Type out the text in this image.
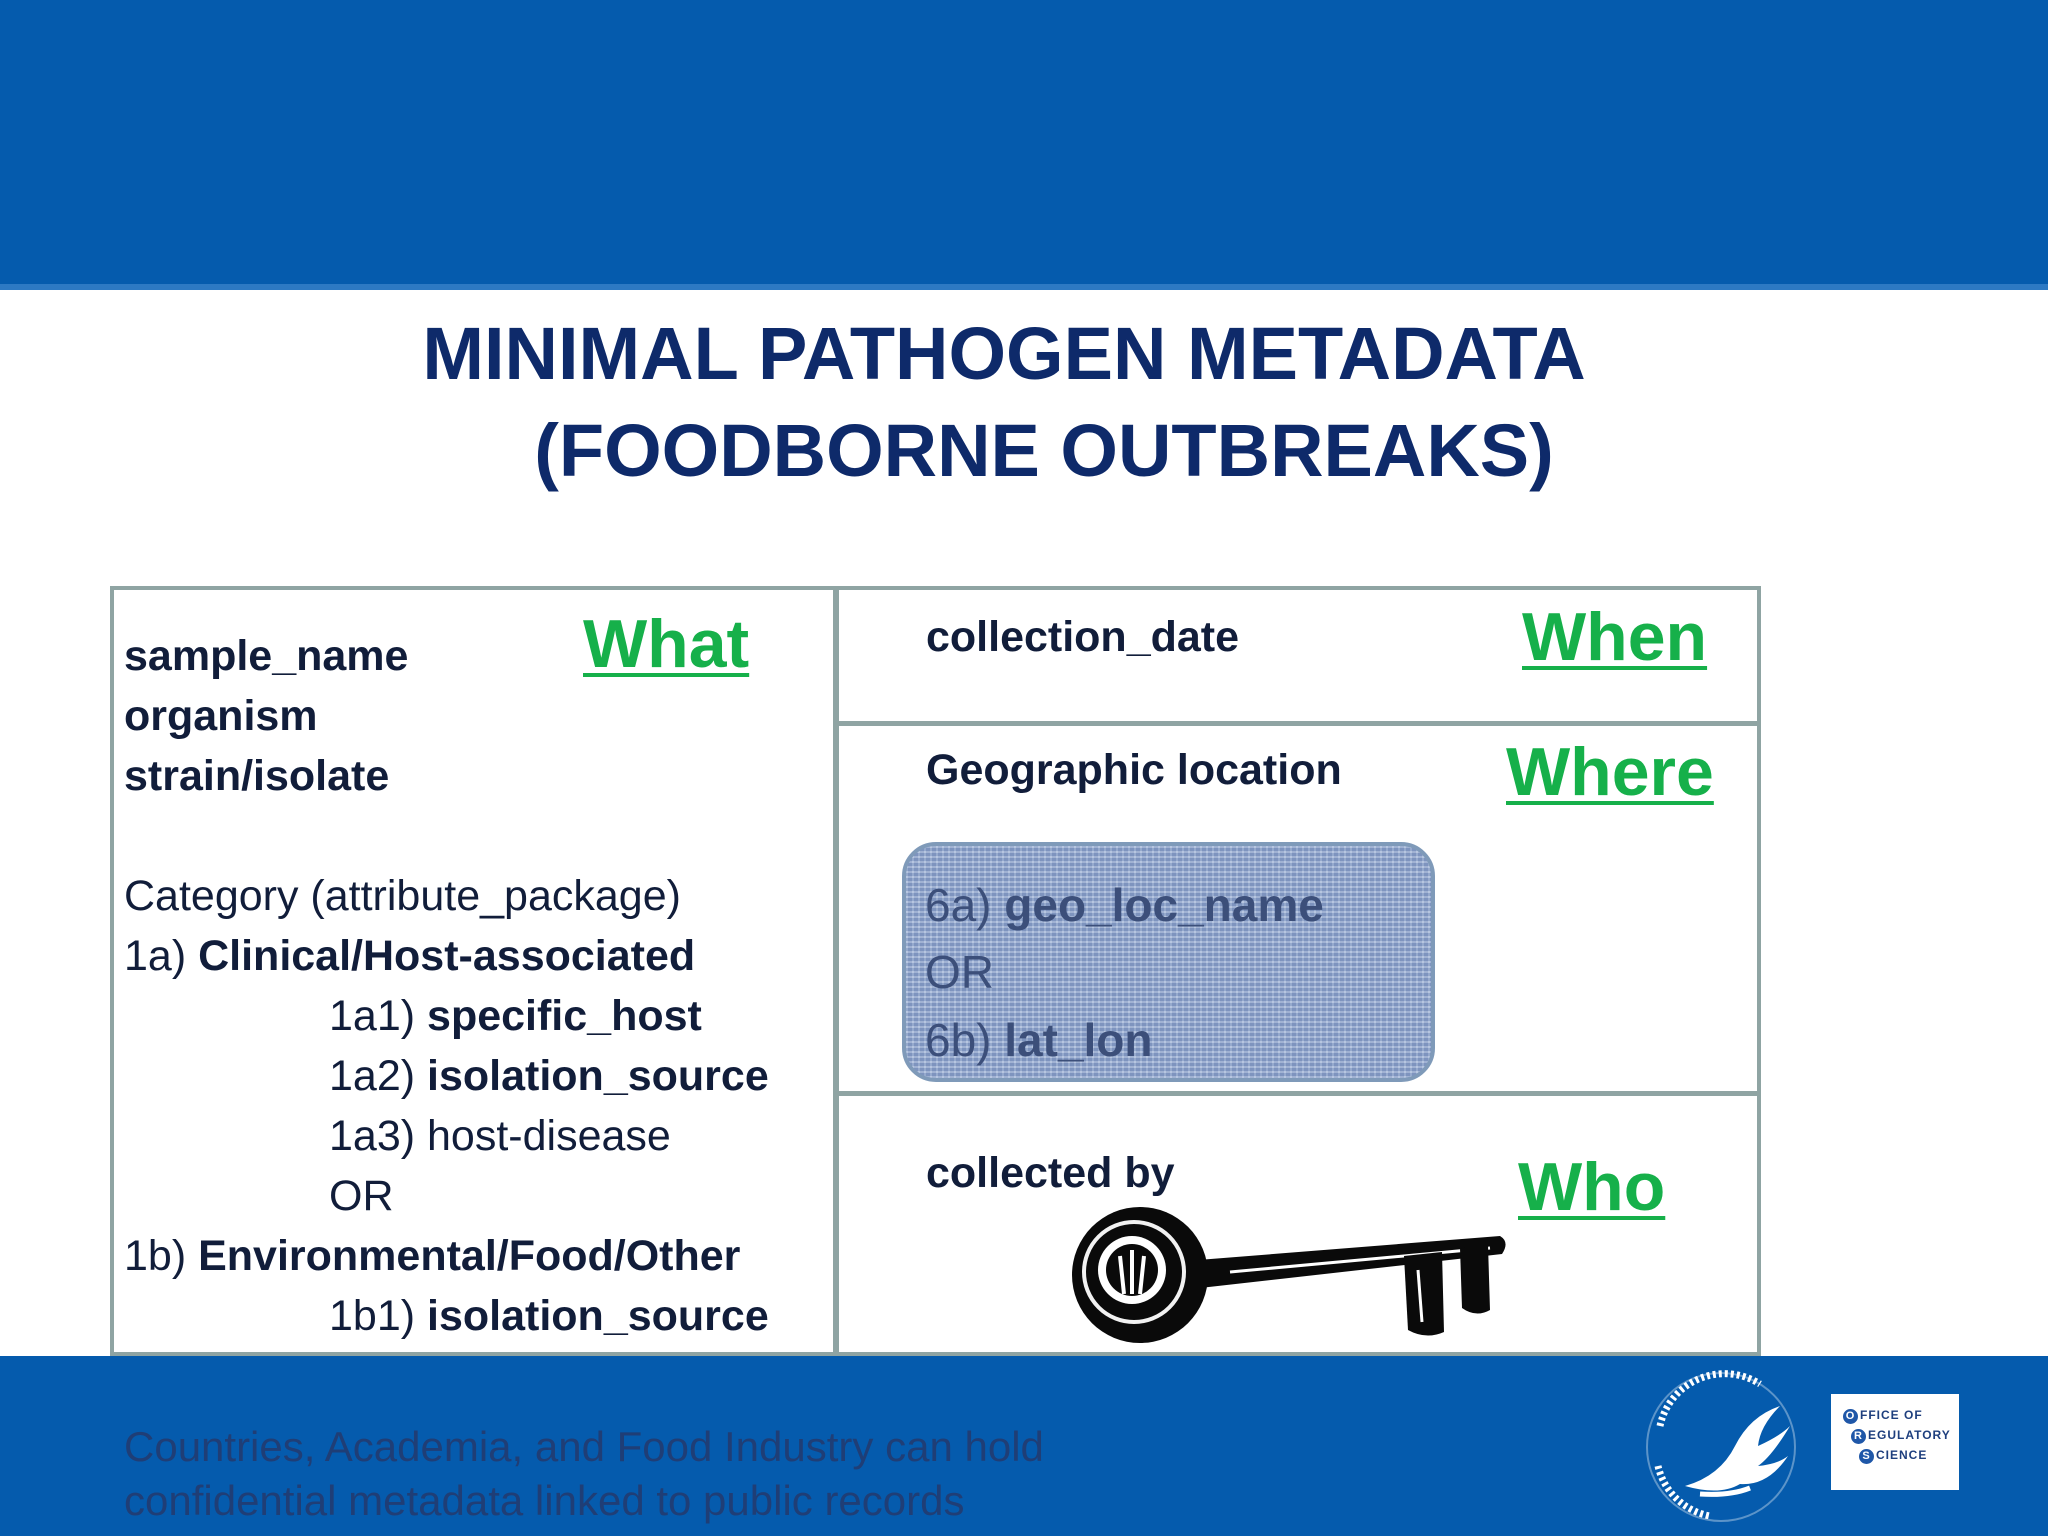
MINIMAL PATHOGEN METADATA
(FOODBORNE OUTBREAKS)
What
sample_name
organism
strain/isolate
Category (attribute_package)
1a) Clinical/Host-associated
1a1) specific_host
1a2) isolation_source
1a3) host-disease
OR
1b) Environmental/Food/Other
1b1) isolation_source
collection_date	When
Geographic location Where
6a) geo_loc_name
OR
6b) lat_lon
collected by	Who
Countries, Academia, and Food Industry can hold
confidential metadata linked to public records
O FFICE OF
R EGULATORY
S CIENCE
